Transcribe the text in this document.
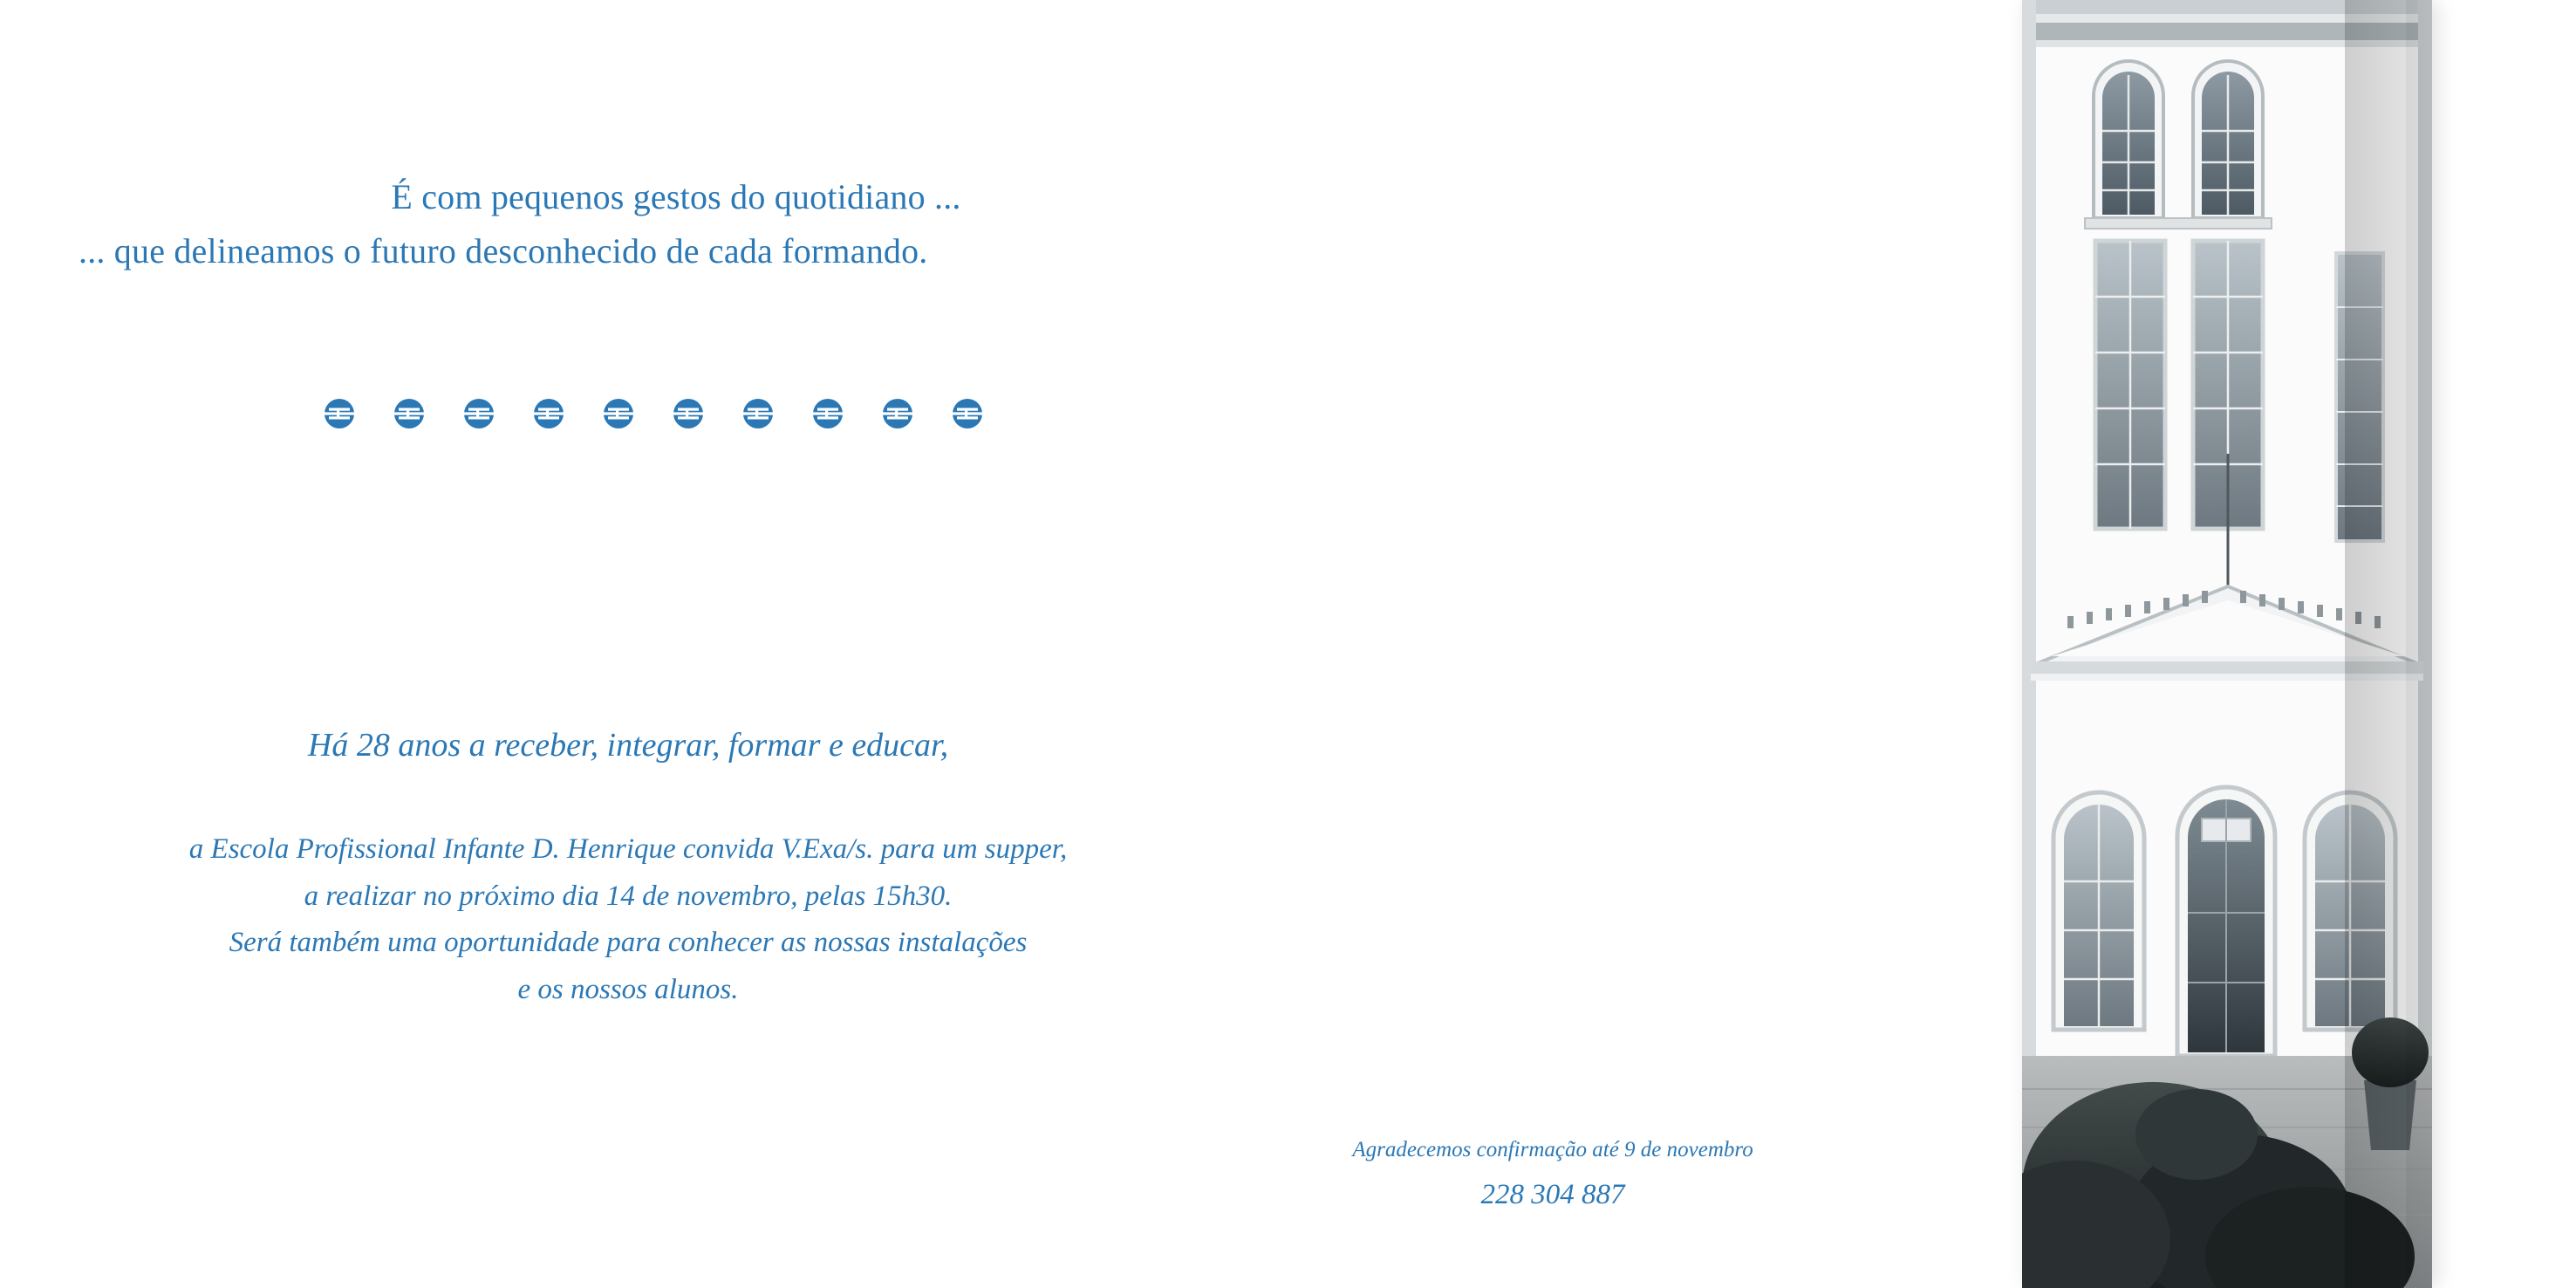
É com pequenos gestos do quotidiano ...
... que delineamos o futuro desconhecido de cada formando.
Há 28 anos a receber, integrar, formar e educar,
a Escola Profissional Infante D. Henrique convida V.Exa/s. para um supper,
a realizar no próximo dia 14 de novembro, pelas 15h30.
Será também uma oportunidade para conhecer as nossas instalações
e os nossos alunos.
Agradecemos confirmação até 9 de novembro
228 304 887
